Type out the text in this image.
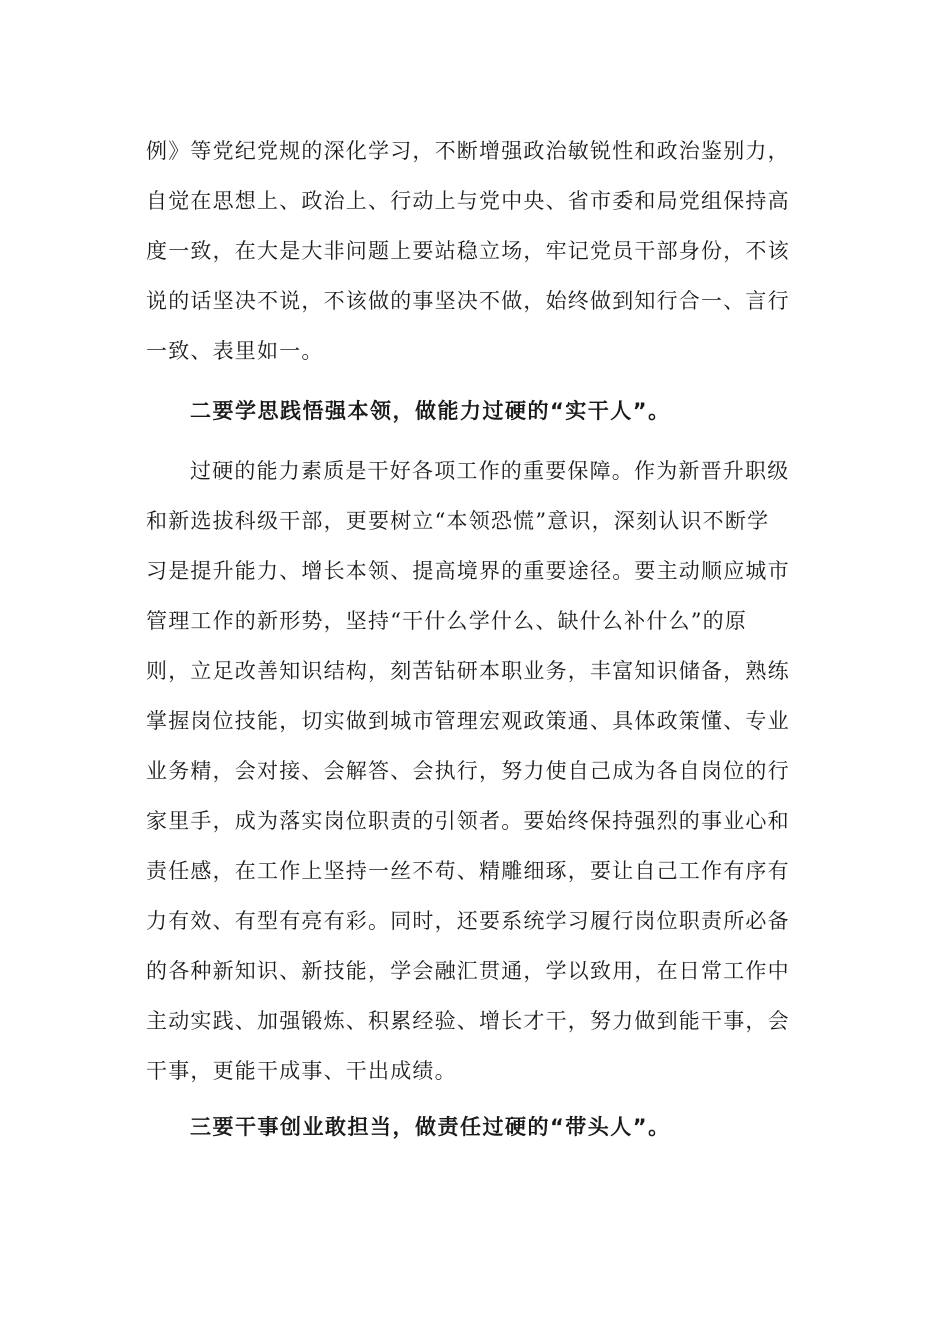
例》等党纪党规的深化学习，不断增强政治敏锐性和政治鉴别力，
自觉在思想上、政治上、行动上与党中央、省市委和局党组保持高
度一致，在大是大非问题上要站稳立场，牢记党员干部身份，不该
说的话坚决不说，不该做的事坚决不做，始终做到知行合一、言行
一致、表里如一。
二要学思践悟强本领，做能力过硬的“实干人”。
过硬的能力素质是干好各项工作的重要保障。作为新晋升职级
和新选拔科级干部，更要树立“本领恐慌”意识，深刻认识不断学
习是提升能力、增长本领、提高境界的重要途径。要主动顺应城市
管理工作的新形势，坚持“干什么学什么、缺什么补什么”的原
则，立足改善知识结构，刻苦钻研本职业务，丰富知识储备，熟练
掌握岗位技能，切实做到城市管理宏观政策通、具体政策懂、专业
业务精，会对接、会解答、会执行，努力使自己成为各自岗位的行
家里手，成为落实岗位职责的引领者。要始终保持强烈的事业心和
责任感，在工作上坚持一丝不苟、精雕细琢，要让自己工作有序有
力有效、有型有亮有彩。同时，还要系统学习履行岗位职责所必备
的各种新知识、新技能，学会融汇贯通，学以致用，在日常工作中
主动实践、加强锻炼、积累经验、增长才干，努力做到能干事，会
干事，更能干成事、干出成绩。
三要干事创业敢担当，做责任过硬的“带头人”。
